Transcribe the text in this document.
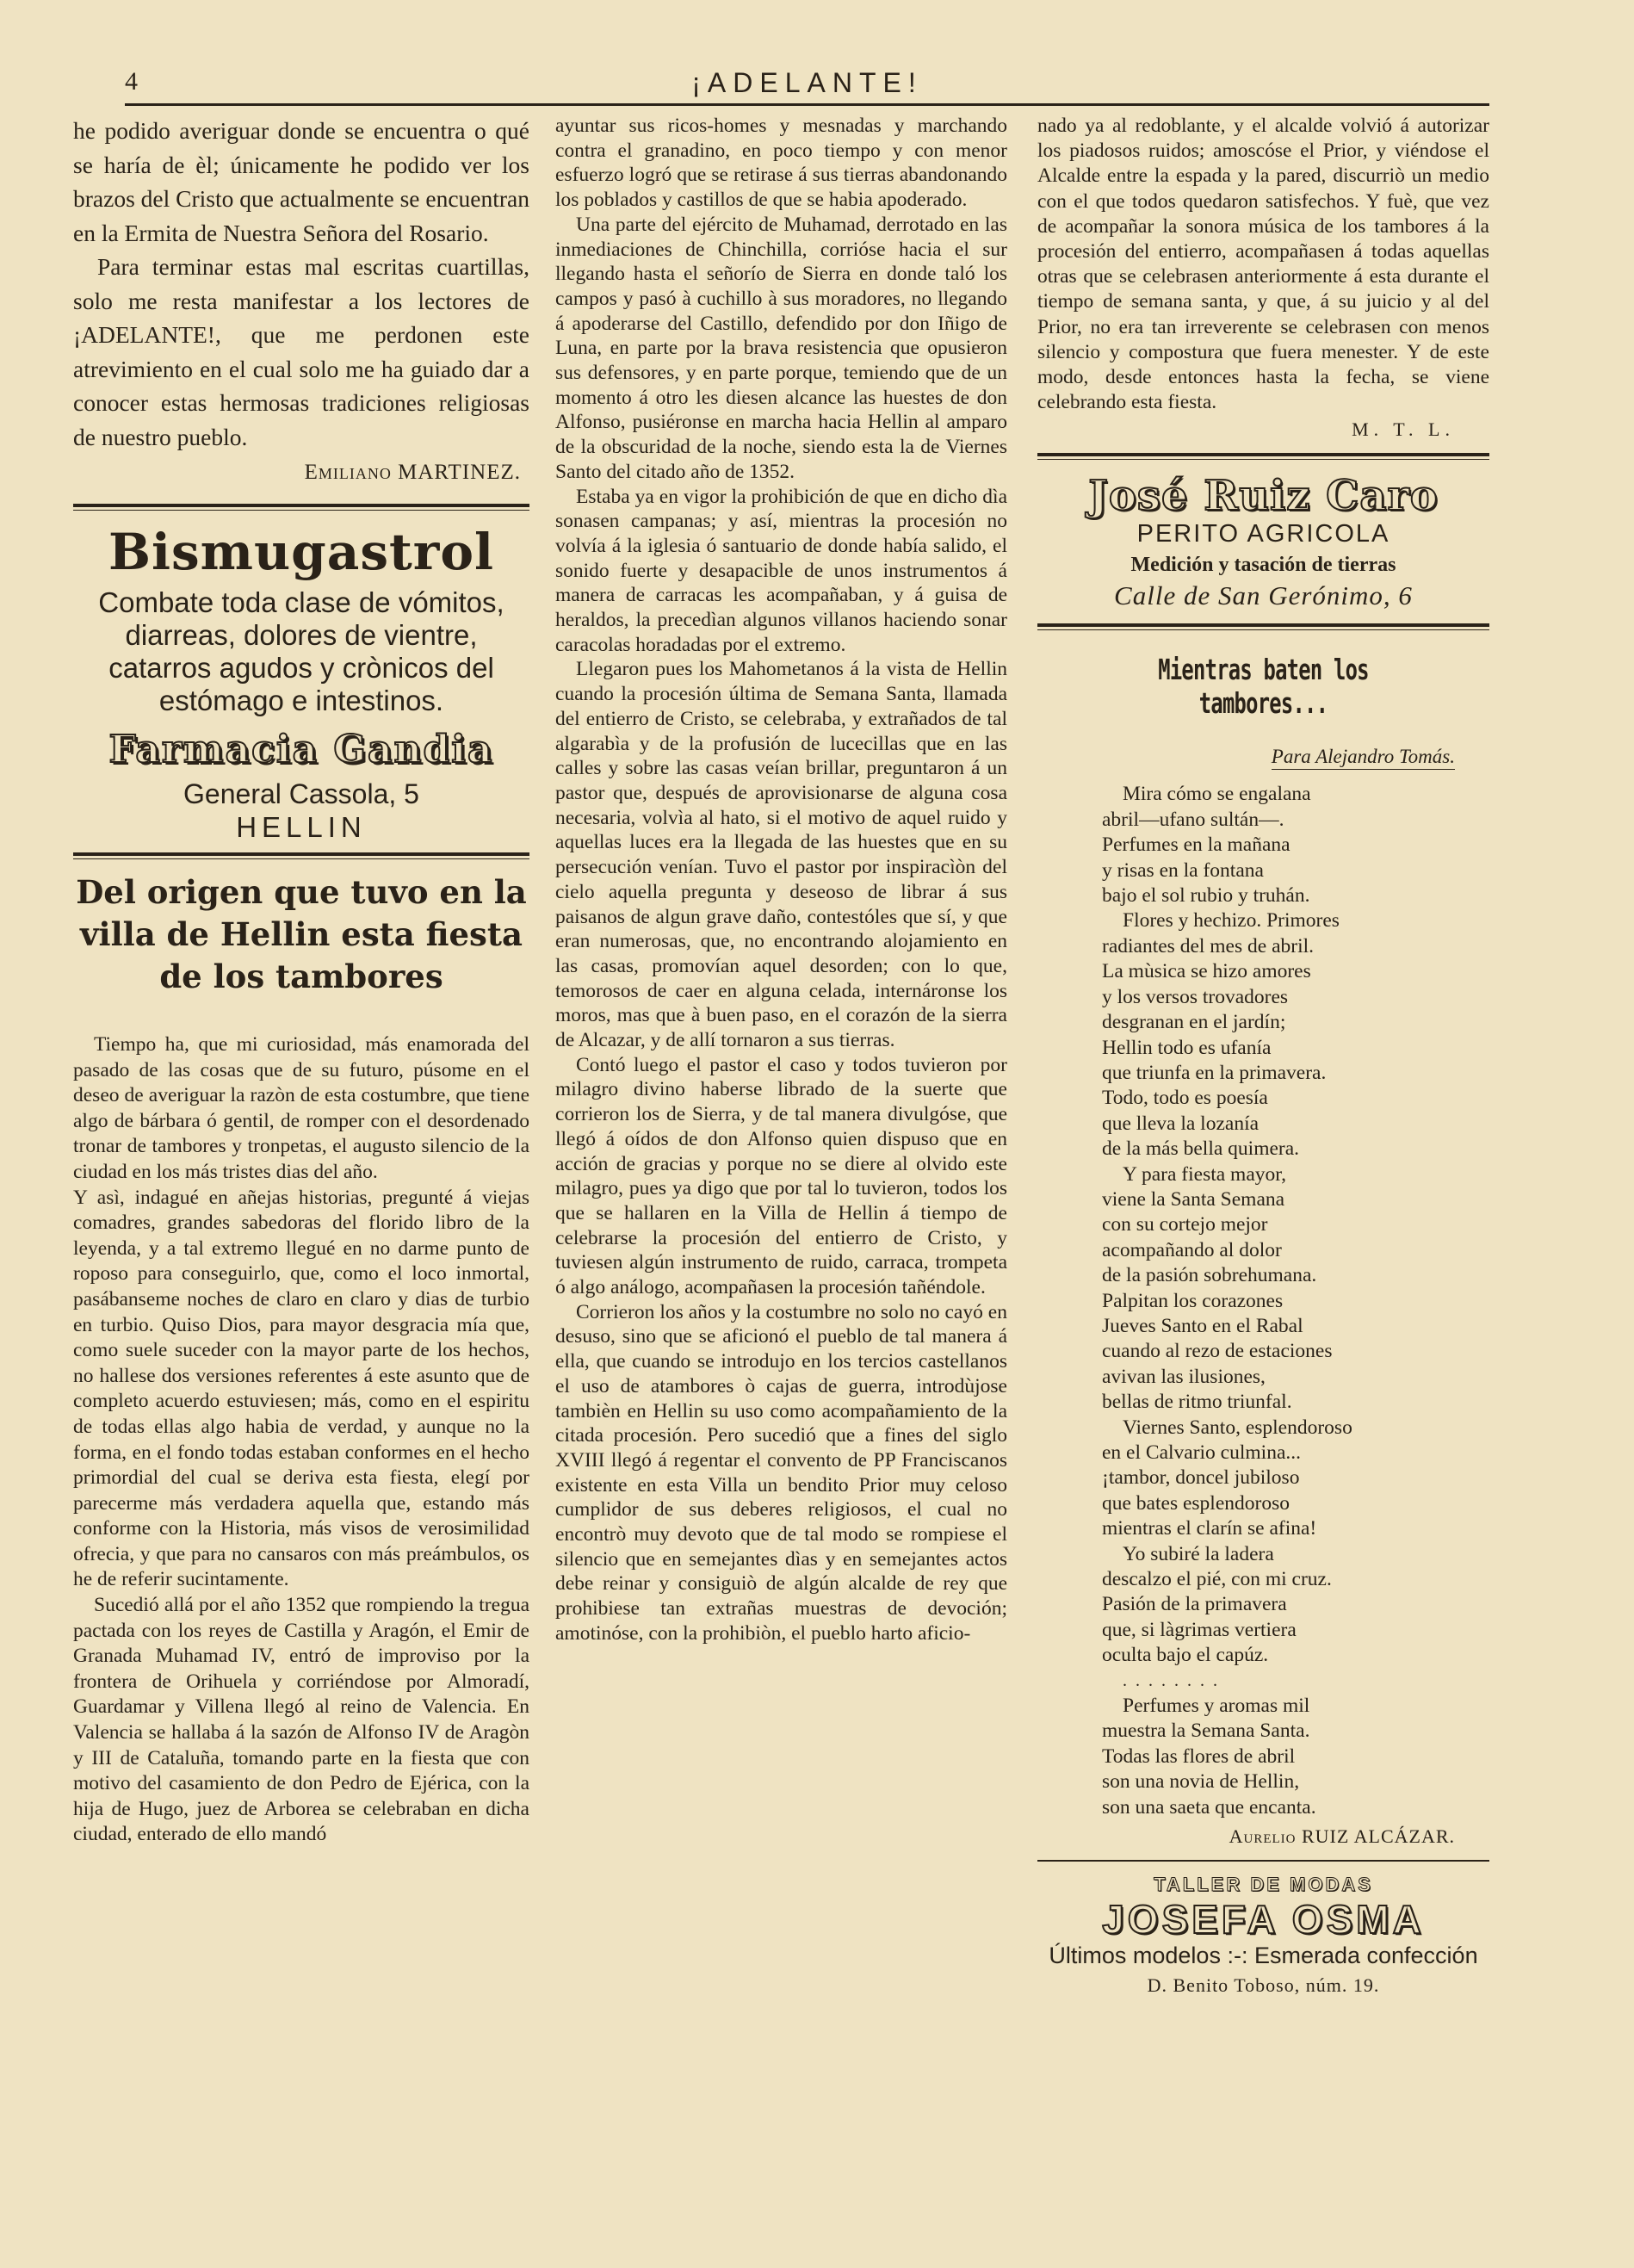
4	¡ADELANTE!

he podido averiguar donde se encuentra o qué se haría de èl; únicamente he podido ver los brazos del Cristo que actualmente se encuentran en la Ermita de Nuestra Señora del Rosario.

Para terminar estas mal escritas cuartillas, solo me resta manifestar a los lectores de ¡ADELANTE!, que me perdonen este atrevimiento en el cual solo me ha guiado dar a conocer estas hermosas tradiciones religiosas de nuestro pueblo.

Emiliano MARTINEZ.
Bismugastrol
Combate toda clase de vómitos, diarreas, dolores de vientre, catarros agudos y crònicos del estómago e intestinos.
Farmacia Gandia
General Cassola, 5
HELLIN
Del origen que tuvo en la villa de Hellin esta fiesta de los tambores

Tiempo ha, que mi curiosidad, más enamorada del pasado de las cosas que de su futuro, púsome en el deseo de averiguar la razòn de esta costumbre, que tiene algo de bárbara ó gentil, de romper con el desordenado tronar de tambores y tronpetas, el augusto silencio de la ciudad en los más tristes dias del año.

Y asì, indagué en añejas historias, pregunté á viejas comadres, grandes sabedoras del florido libro de la leyenda, y a tal extremo llegué en no darme punto de roposo para conseguirlo, que, como el loco inmortal, pasábanseme noches de claro en claro y dias de turbio en turbio. Quiso Dios, para mayor desgracia mía que, como suele suceder con la mayor parte de los hechos, no hallese dos versiones referentes á este asunto que de completo acuerdo estuviesen; más, como en el espiritu de todas ellas algo habia de verdad, y aunque no la forma, en el fondo todas estaban conformes en el hecho primordial del cual se deriva esta fiesta, elegí por parecerme más verdadera aquella que, estando más conforme con la Historia, más visos de verosimilidad ofrecia, y que para no cansaros con más preámbulos, os he de referir sucintamente.

Sucedió allá por el año 1352 que rompiendo la tregua pactada con los reyes de Castilla y Aragón, el Emir de Granada Muhamad IV, entró de improviso por la frontera de Orihuela y corriéndose por Almoradí, Guardamar y Villena llegó al reino de Valencia. En Valencia se hallaba á la sazón de Alfonso IV de Aragòn y III de Cataluña, tomando parte en la fiesta que con motivo del casamiento de don Pedro de Ejérica, con la hija de Hugo, juez de Arborea se celebraban en dicha ciudad, enterado de ello mandó

ayuntar sus ricos-homes y mesnadas y marchando contra el granadino, en poco tiempo y con menor esfuerzo logró que se retirase á sus tierras abandonando los poblados y castillos de que se habia apoderado.

Una parte del ejército de Muhamad, derrotado en las inmediaciones de Chinchilla, corrióse hacia el sur llegando hasta el señorío de Sierra en donde taló los campos y pasó à cuchillo à sus moradores, no llegando á apoderarse del Castillo, defendido por don Iñigo de Luna, en parte por la brava resistencia que opusieron sus defensores, y en parte porque, temiendo que de un momento á otro les diesen alcance las huestes de don Alfonso, pusiéronse en marcha hacia Hellin al amparo de la obscuridad de la noche, siendo esta la de Viernes Santo del citado año de 1352.

Estaba ya en vigor la prohibición de que en dicho dìa sonasen campanas; y así, mientras la procesión no volvía á la iglesia ó santuario de donde había salido, el sonido fuerte y desapacible de unos instrumentos á manera de carracas les acompañaban, y á guisa de heraldos, la precedìan algunos villanos haciendo sonar caracolas horadadas por el extremo.

Llegaron pues los Mahometanos á la vista de Hellin cuando la procesión última de Semana Santa, llamada del entierro de Cristo, se celebraba, y extrañados de tal algarabìa y de la profusión de lucecillas que en las calles y sobre las casas veían brillar, preguntaron á un pastor que, después de aprovisionarse de alguna cosa necesaria, volvìa al hato, si el motivo de aquel ruido y aquellas luces era la llegada de las huestes que en su persecución venían. Tuvo el pastor por inspiracìòn del cielo aquella pregunta y deseoso de librar á sus paisanos de algun grave daño, contestóles que sí, y que eran numerosas, que, no encontrando alojamiento en las casas, promovían aquel desorden; con lo que, temorosos de caer en alguna celada, internáronse los moros, mas que à buen paso, en el corazón de la sierra de Alcazar, y de allí tornaron a sus tierras.

Contó luego el pastor el caso y todos tuvieron por milagro divino haberse librado de la suerte que corrieron los de Sierra, y de tal manera divulgóse, que llegó á oídos de don Alfonso quien dispuso que en acción de gracias y porque no se diere al olvido este milagro, pues ya digo que por tal lo tuvieron, todos los que se hallaren en la Villa de Hellin á tiempo de celebrarse la procesión del entierro de Cristo, y tuviesen algún instrumento de ruido, carraca, trompeta ó algo análogo, acompañasen la procesión tañéndole.

Corrieron los años y la costumbre no solo no cayó en desuso, sino que se aficionó el pueblo de tal manera á ella, que cuando se introdujo en los tercios castellanos el uso de atambores ò cajas de guerra, introdùjose tambièn en Hellin su uso como acompañamiento de la citada procesión. Pero sucedió que a fines del siglo XVIII llegó á regentar el convento de PP Franciscanos existente en esta Villa un bendito Prior muy celoso cumplidor de sus deberes religiosos, el cual no encontrò muy devoto que de tal modo se rompiese el silencio que en semejantes dìas y en semejantes actos debe reinar y consiguiò de algún alcalde de rey que prohibiese tan extrañas muestras de devoción; amotinóse, con la prohibiòn, el pueblo harto aficio-

nado ya al redoblante, y el alcalde volvió á autorizar los piadosos ruidos; amoscóse el Prior, y viéndose el Alcalde entre la espada y la pared, discurriò un medio con el que todos quedaron satisfechos. Y fuè, que vez de acompañar la sonora música de los tambores á la procesión del entierro, acompañasen á todas aquellas otras que se celebrasen anteriormente á esta durante el tiempo de semana santa, y que, á su juicio y al del Prior, no era tan irreverente se celebrasen con menos silencio y compostura que fuera menester. Y de este modo, desde entonces hasta la fecha, se viene celebrando esta fiesta.

M. T. L.
José Ruiz Caro
PERITO AGRICOLA
Medición y tasación de tierras
Calle de San Gerónimo, 6
Mientras baten los tambores...
Para Alejandro Tomás.
Mira cómo se engalana
abril—ufano sultán—.
Perfumes en la mañana
y risas en la fontana
bajo el sol rubio y truhán.
Flores y hechizo. Primores
radiantes del mes de abril.
La mùsica se hizo amores
y los versos trovadores
desgranan en el jardín;
Hellin todo es ufanía
que triunfa en la primavera.
Todo, todo es poesía
que lleva la lozanía
de la más bella quimera.
Y para fiesta mayor,
viene la Santa Semana
con su cortejo mejor
acompañando al dolor
de la pasión sobrehumana.
Palpitan los corazones
Jueves Santo en el Rabal
cuando al rezo de estaciones
avivan las ilusiones,
bellas de ritmo triunfal.
Viernes Santo, esplendoroso
en el Calvario culmina...
¡tambor, doncel jubiloso
que bates esplendoroso
mientras el clarín se afina!
Yo subiré la ladera
descalzo el pié, con mi cruz.
Pasión de la primavera
que, si làgrimas vertiera
oculta bajo el capúz.
........
Perfumes y aromas mil
muestra la Semana Santa.
Todas las flores de abril
son una novia de Hellin,
son una saeta que encanta.
Aurelio RUIZ ALCÁZAR.
TALLER DE MODAS
JOSEFA OSMA
Últimos modelos :-: Esmerada confección
D. Benito Toboso, núm. 19.
